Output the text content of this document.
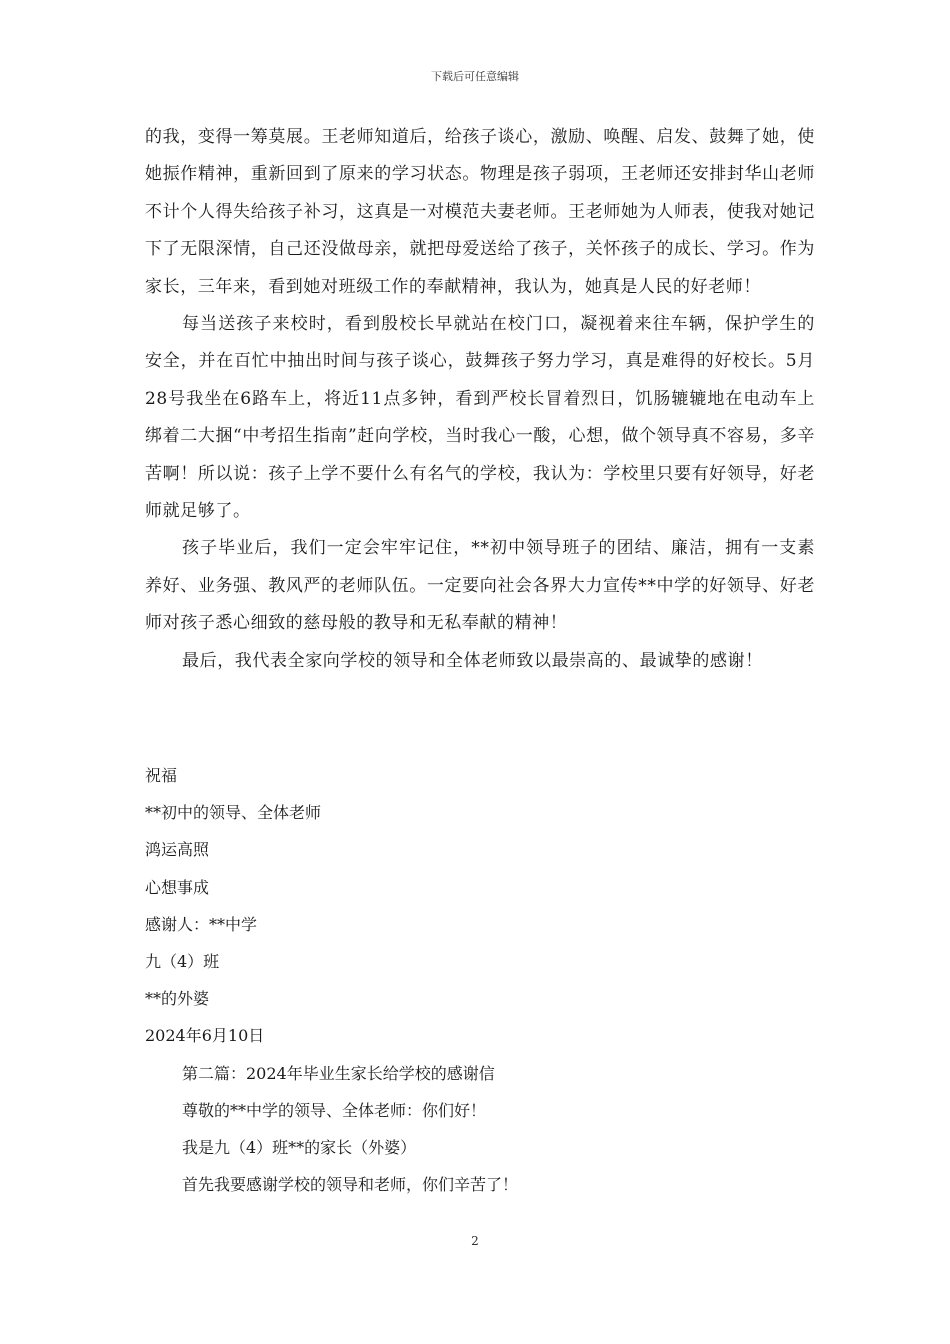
下载后可任意编辑

的我，变得一筹莫展。王老师知道后，给孩子谈心，激励、唤醒、启发、鼓舞了她，使她振作精神，重新回到了原来的学习状态。物理是孩子弱项，王老师还安排封华山老师不计个人得失给孩子补习，这真是一对模范夫妻老师。王老师她为人师表，使我对她记下了无限深情，自己还没做母亲，就把母爱送给了孩子，关怀孩子的成长、学习。作为家长，三年来，看到她对班级工作的奉献精神，我认为，她真是人民的好老师！

每当送孩子来校时，看到殷校长早就站在校门口，凝视着来往车辆，保护学生的安全，并在百忙中抽出时间与孩子谈心，鼓舞孩子努力学习，真是难得的好校长。5月28号我坐在6路车上，将近11点多钟，看到严校长冒着烈日，饥肠辘辘地在电动车上绑着二大捆“中考招生指南”赶向学校，当时我心一酸，心想，做个领导真不容易，多辛苦啊！所以说：孩子上学不要什么有名气的学校，我认为：学校里只要有好领导，好老师就足够了。

孩子毕业后，我们一定会牢牢记住，**初中领导班子的团结、廉洁，拥有一支素养好、业务强、教风严的老师队伍。一定要向社会各界大力宣传**中学的好领导、好老师对孩子悉心细致的慈母般的教导和无私奉献的精神！

最后，我代表全家向学校的领导和全体老师致以最崇高的、最诚挚的感谢！

祝福
**初中的领导、全体老师
鸿运高照
心想事成
感谢人：**中学
九（4）班
**的外婆
2024年6月10日
第二篇：2024年毕业生家长给学校的感谢信
尊敬的**中学的领导、全体老师：你们好！
我是九（4）班**的家长（外婆）
首先我要感谢学校的领导和老师，你们辛苦了！
2
